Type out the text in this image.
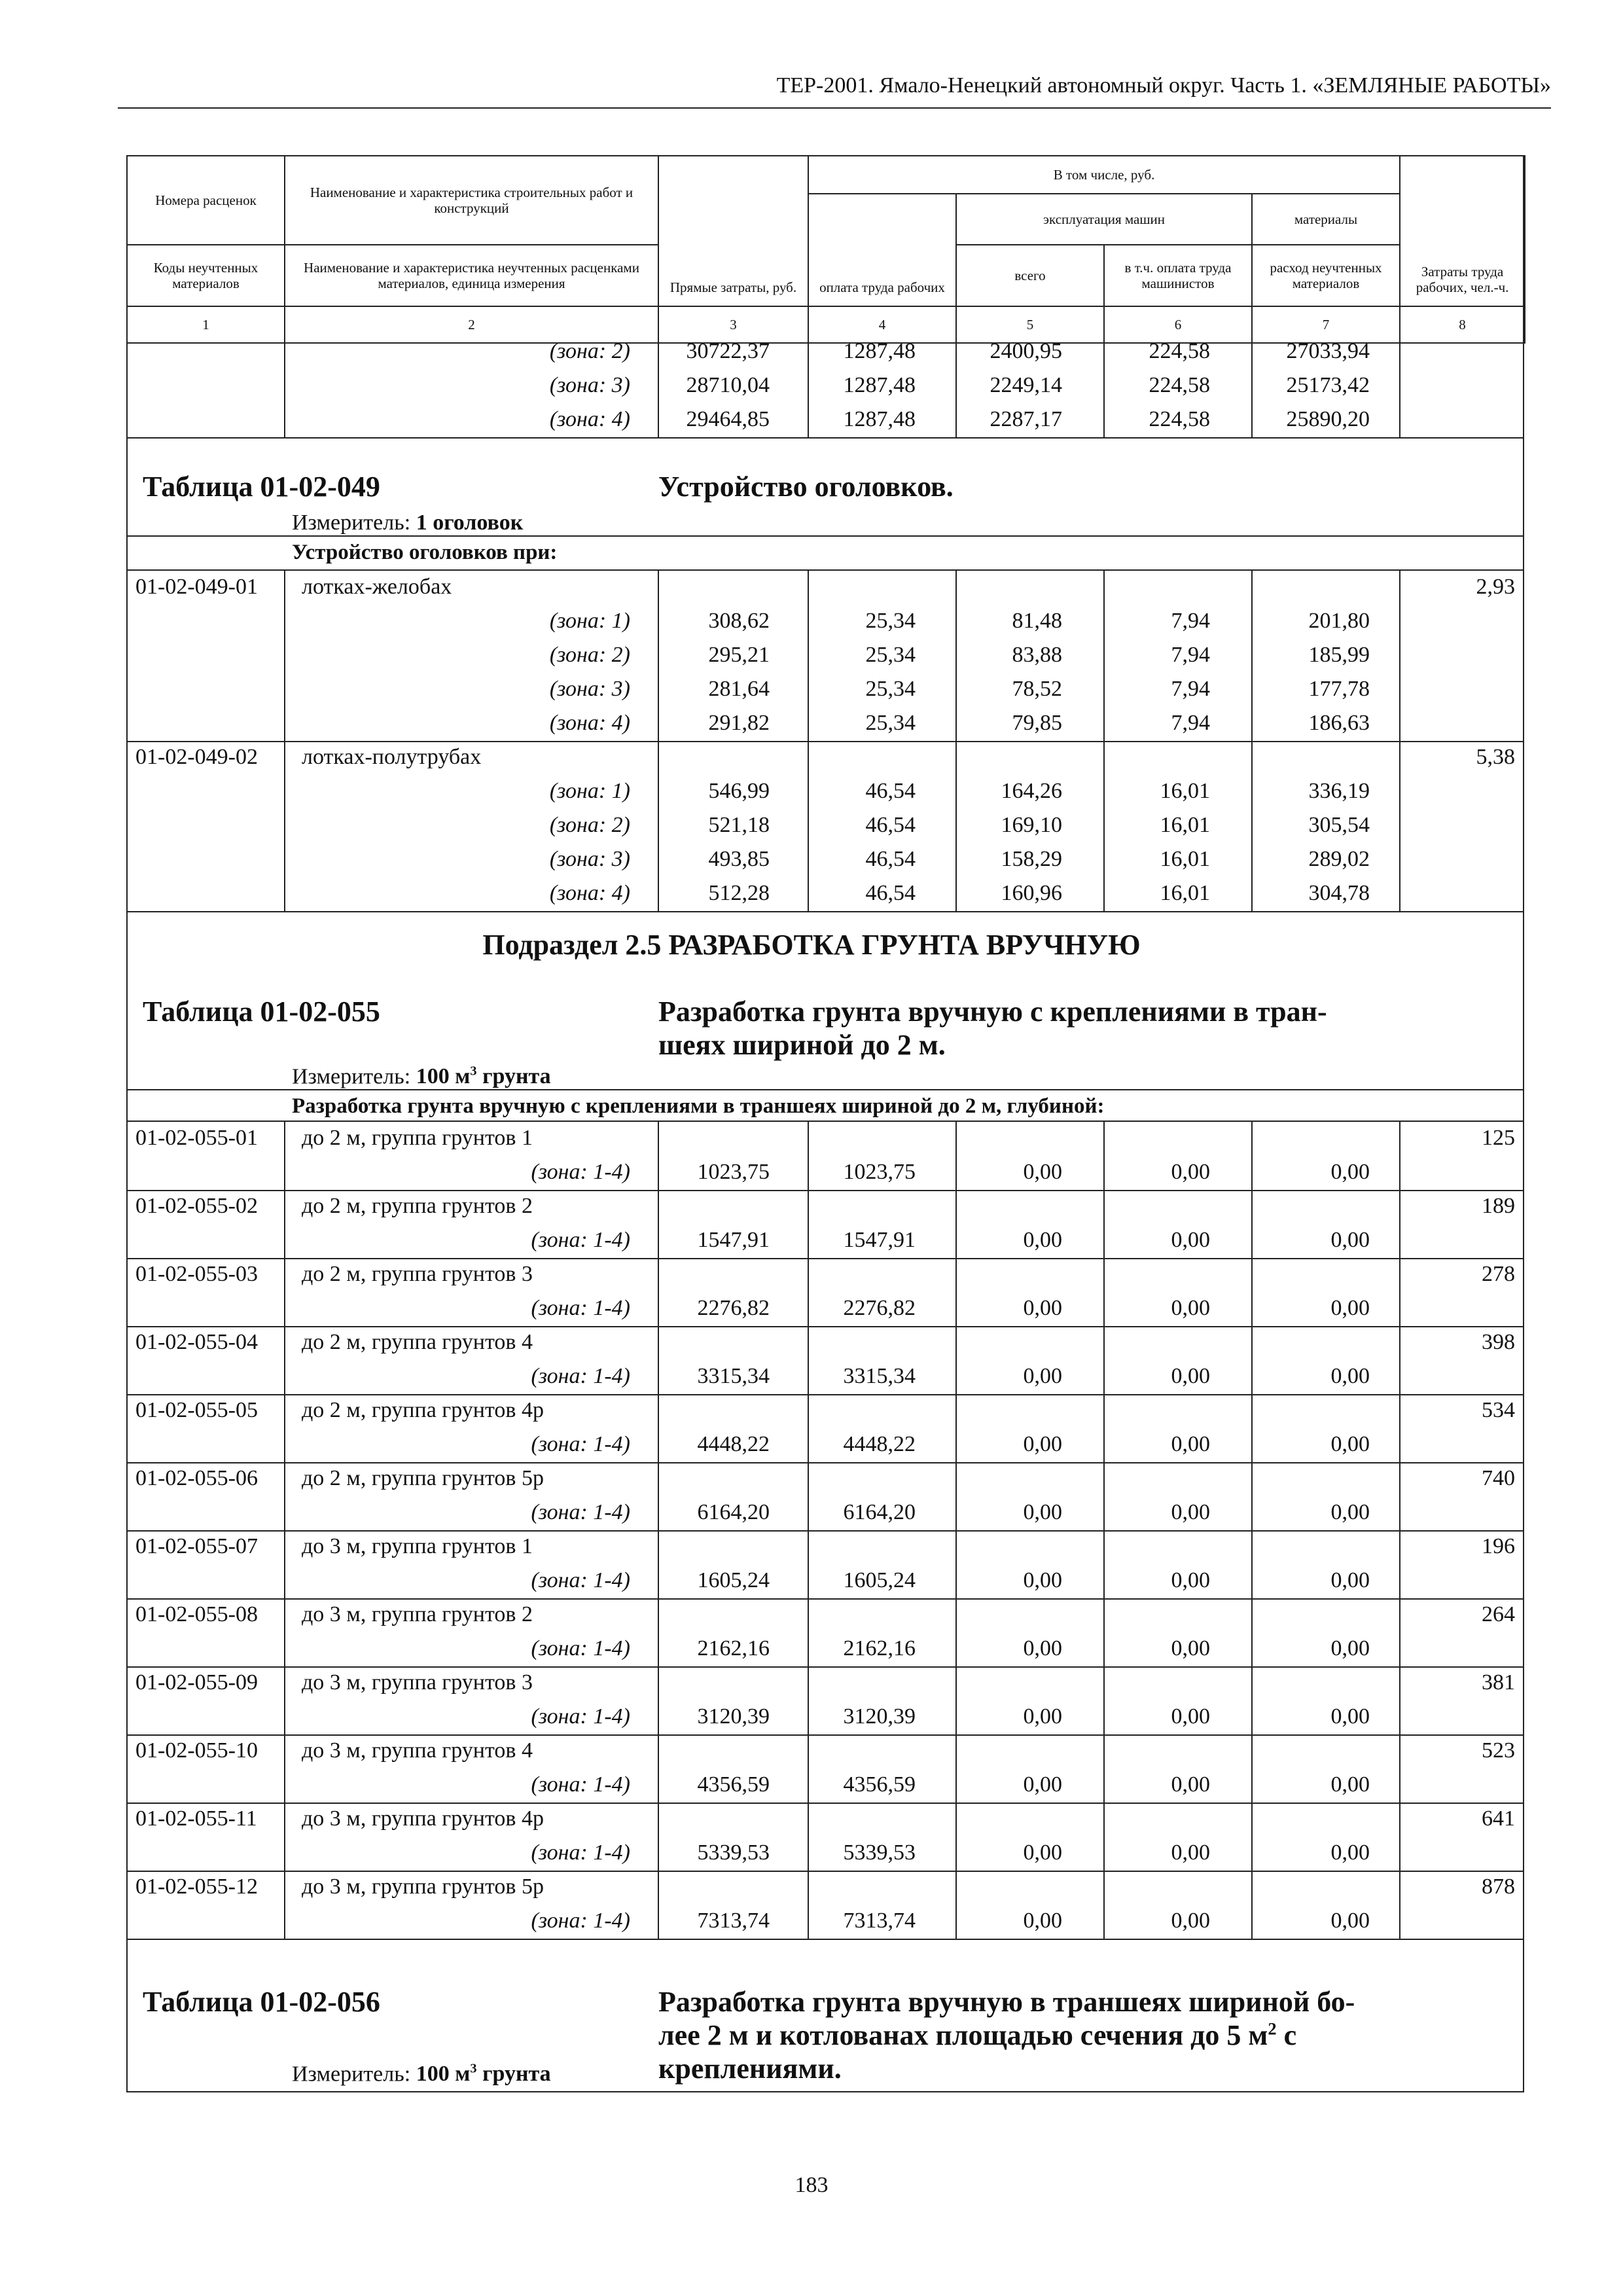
ТЕР-2001. Ямало-Ненецкий автономный округ. Часть 1. «ЗЕМЛЯНЫЕ РАБОТЫ»
Номера расценок	Наименование и характеристика строительных работ и конструкций	Прямые затраты, руб.	В том числе, руб.				Затраты труда рабочих, чел.-ч.
			оплата труда рабочих	эксплуатация машин		материалы	
Коды неучтенных материалов	Наименование и характеристика неучтенных расценками материалов, единица измерения			всего	в т.ч. оплата труда машинистов	расход неучтенных материалов	
1	2	3	4	5	6	7	8
(зона: 2)	30722,37	1287,48	2400,95	224,58	27033,94
(зона: 3)	28710,04	1287,48	2249,14	224,58	25173,42
(зона: 4)	29464,85	1287,48	2287,17	224,58	25890,20
01-02-049-01 лотках-желобах	2,93
(зона: 1)	308,62	25,34	81,48	7,94	201,80
(зона: 2)	295,21	25,34	83,88	7,94	185,99
(зона: 3)	281,64	25,34	78,52	7,94	177,78
(зона: 4)	291,82	25,34	79,85	7,94	186,63
01-02-049-02 лотках-полутрубах	5,38
(зона: 1)	546,99	46,54	164,26	16,01	336,19
(зона: 2)	521,18	46,54	169,10	16,01	305,54
(зона: 3)	493,85	46,54	158,29	16,01	289,02
(зона: 4)	512,28	46,54	160,96	16,01	304,78
01-02-055-01 до 2 м, группа грунтов 1	125
(зона: 1-4)	1023,75	1023,75	0,00	0,00	0,00
01-02-055-02 до 2 м, группа грунтов 2	189
(зона: 1-4)	1547,91	1547,91	0,00	0,00	0,00
01-02-055-03 до 2 м, группа грунтов 3	278
(зона: 1-4)	2276,82	2276,82	0,00	0,00	0,00
01-02-055-04 до 2 м, группа грунтов 4	398
(зона: 1-4)	3315,34	3315,34	0,00	0,00	0,00
01-02-055-05 до 2 м, группа грунтов 4р	534
(зона: 1-4)	4448,22	4448,22	0,00	0,00	0,00
01-02-055-06 до 2 м, группа грунтов 5р	740
(зона: 1-4)	6164,20	6164,20	0,00	0,00	0,00
01-02-055-07 до 3 м, группа грунтов 1	196
(зона: 1-4)	1605,24	1605,24	0,00	0,00	0,00
01-02-055-08 до 3 м, группа грунтов 2	264
(зона: 1-4)	2162,16	2162,16	0,00	0,00	0,00
01-02-055-09 до 3 м, группа грунтов 3	381
(зона: 1-4)	3120,39	3120,39	0,00	0,00	0,00
01-02-055-10 до 3 м, группа грунтов 4	523
(зона: 1-4)	4356,59	4356,59	0,00	0,00	0,00
01-02-055-11 до 3 м, группа грунтов 4р	641
(зона: 1-4)	5339,53	5339,53	0,00	0,00	0,00
01-02-055-12 до 3 м, группа грунтов 5р	878
(зона: 1-4)	7313,74	7313,74	0,00	0,00	0,00
Таблица 01-02-049	Устройство оголовков.
Измеритель: 1 оголовок
Устройство оголовков при:
Подраздел 2.5 РАЗРАБОТКА ГРУНТА ВРУЧНУЮ
Таблица 01-02-055	Разработка грунта вручную с креплениями в тран-
шеях шириной до 2 м.
Измеритель: 100 $м^3$ грунта
Разработка грунта вручную с креплениями в траншеях шириной до 2 м, глубиной:
Таблица 01-02-056	Разработка грунта вручную в траншеях шириной бо-
лее 2 м и котлованах площадью сечения до 5 $м^2$ с
креплениями.
Измеритель: 100 $м^3$ грунта
183
